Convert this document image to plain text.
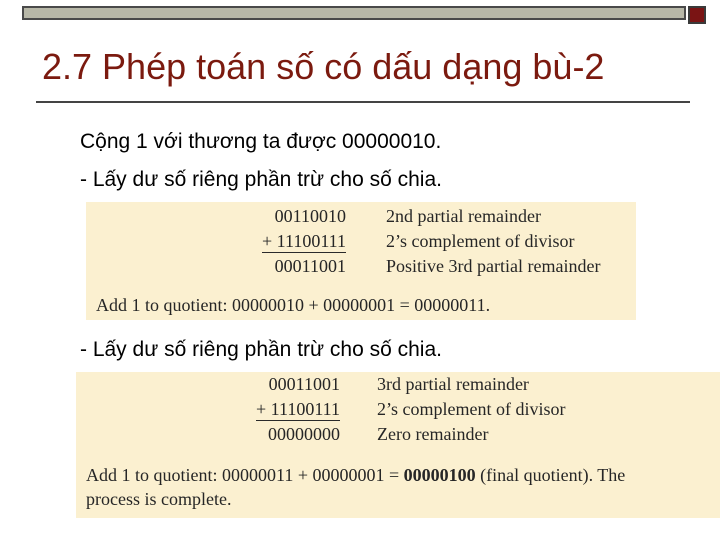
2.7 Phép toán số có dấu dạng bù-2
Cộng 1 với thương ta được 00000010.
- Lấy dư số riêng phần trừ cho số chia.
00110010 2nd partial remainder
+ 11100111 2’s complement of divisor
00011001 Positive 3rd partial remainder
Add 1 to quotient: 00000010 + 00000001 = 00000011.
- Lấy dư số riêng phần trừ cho số chia.
00011001 3rd partial remainder
+ 11100111 2’s complement of divisor
00000000 Zero remainder
Add 1 to quotient: 00000011 + 00000001 = 00000100 (final quotient). The
process is complete.
